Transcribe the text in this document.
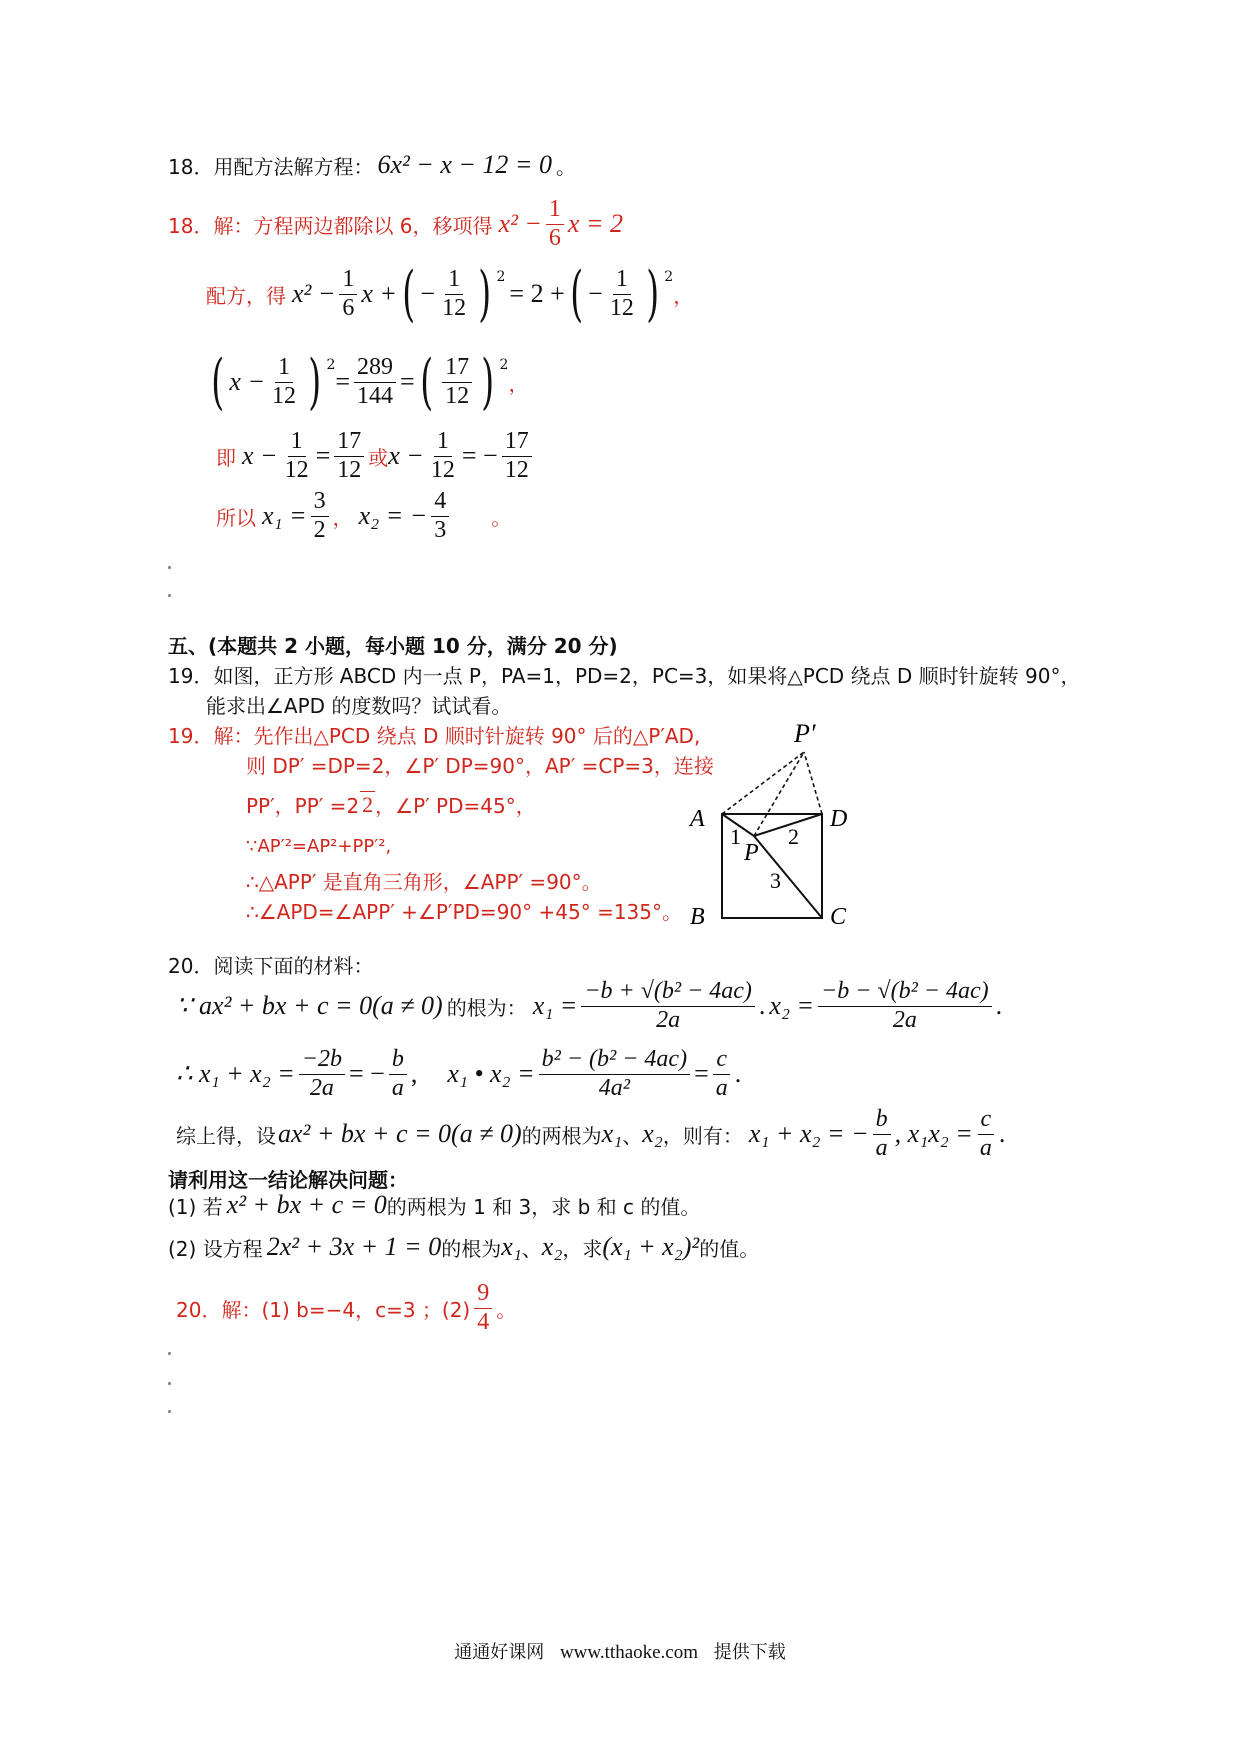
18． 用配方法解方程： 6x² − x − 12 = 0 。
18．解：方程两边都除以 6，移项得 $x^2 - \frac{1}{6}$ x = 2
配方，得 $x^2 - \frac{1}{6}$ x + ( − $\frac{1}{12}$ ) 2
= 2 + ( − $\frac{1}{12}$ ) 2
，
( $x - \frac{1}{12}$ ) 2
= $\frac{289}{144}$ = ( $\frac{17}{12}$ ) 2
，
即 $x - \frac{1}{12} = \frac{17}{12}$ 或 $x - \frac{1}{12}$ = − $\frac{17}{12}$
所以 $x_1 = \frac{3}{2}$ ， x₂ = − $\frac{4}{3}$ 。
五、(本题共 2 小题，每小题 10 分，满分 20 分)
19．如图，正方形 ABCD 内一点 P，PA=1，PD=2，PC=3，如果将△PCD 绕点 D 顺时针旋转 90°，
能求出∠APD 的度数吗？试试看。
19．解：先作出△PCD 绕点 D 顺时针旋转 90° 后的△P′AD,
则 DP′ =DP=2，∠P′ DP=90°，AP′ =CP=3，连接
PP′，PP′ =2 2 ，∠P′ PD=45°，
∵AP′²=AP²+PP′²,
∴△APP′ 是直角三角形，∠APP′ =90°。
∴∠APD=∠APP′ +∠P′PD=90° +45° =135°。
P′
A	D
B	C
P
1 2
3
20．阅读下面的材料：
∵ ax² + bx + c = 0(a ≠ 0) 的根为： $x_1 = \frac{\text{−b + √(b² − 4ac)}}{2a}$ . $x_2 = \frac{\text{−b − √(b² − 4ac)}}{2a}$ .
∴ $x_1 + x_2 = \frac{-2b}{2a}$ = − $\frac{b}{a}$ , x₁ • $x_2 = \frac{\text{b² − (b² − 4ac)}}{\text{4a²}} = \frac{c}{a}$ .
综上得，设 ax² + bx + c = 0(a ≠ 0) 的两根为 x₁ 、 x₂ ，则有： x₁ + x₂ = − $\frac{b}{a}$ , $x_1x_2 = \frac{c}{a}$ .
请利用这一结论解决问题：
(1) 若 x² + bx + c = 0 的两根为 1 和 3，求 b 和 c 的值。
(2) 设方程 2x² + 3x + 1 = 0 的根为 x₁ 、 x₂ ，求 (x₁ + x₂)² 的值。
20．解：(1) b=−4，c=3 ；$(2) \frac{9}{4}$ 。
通通好课网 www.tthaoke.com 提供下载
